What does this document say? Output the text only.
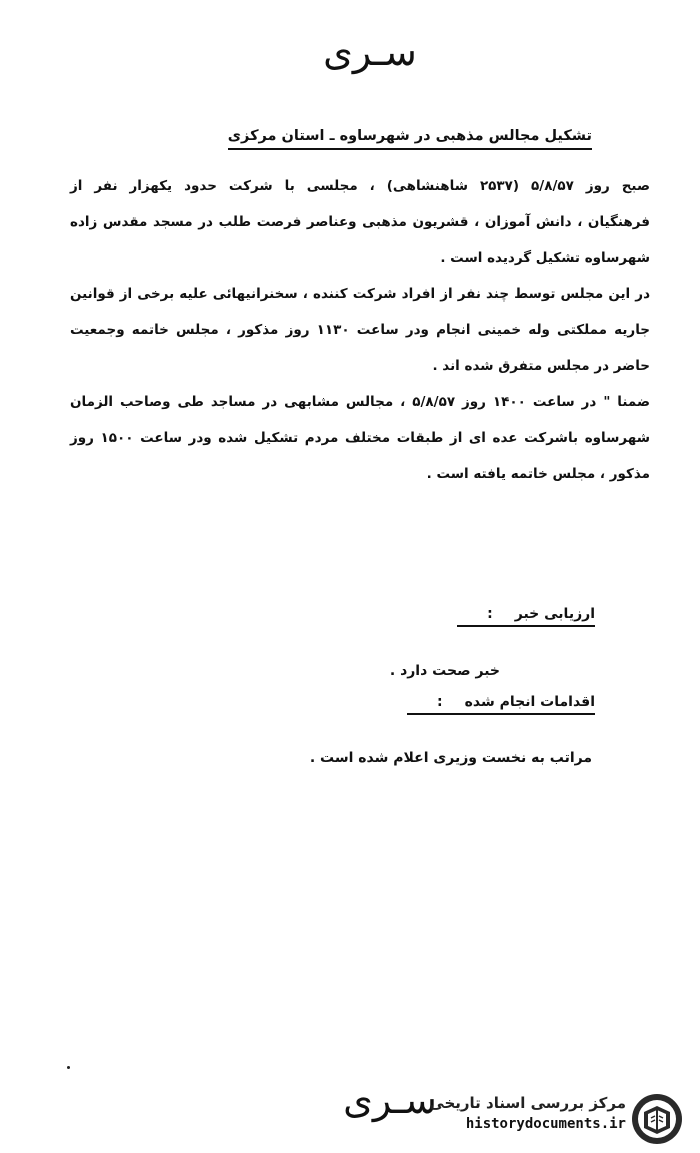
سـری
تشکیل مجالس مذهبی در شهرساوه ـ استان مرکزی
صبح روز ۵/۸/۵۷ (۲۵۳۷ شاهنشاهی) ، مجلسی با شرکت حدود یکهزار نفر از
فرهنگیان ، دانش آموزان ، قشریون مذهبی وعناصر فرصت طلب در مسجد مقدس زاده
شهرساوه تشکیل گردیده است .
در این مجلس توسط چند نفر از افراد شرکت کننده ، سخنرانیهائی علیه برخی از قوانین
جاریه مملکتی وله خمینی انجام ودر ساعت ۱۱۳۰ روز مذکور ، مجلس خاتمه وجمعیت
حاضر در مجلس متفرق شده اند .
ضمنا " در ساعت ۱۴۰۰ روز ۵/۸/۵۷ ، مجالس مشابهی در مساجد طی وصاحب الزمان
شهرساوه باشرکت عده ای از طبقات مختلف مردم تشکیل شده ودر ساعت ۱۵۰۰ روز
مذکور ، مجلس خاتمه یافته است .
ارزیابی خبر:
خبر صحت دارد .
اقدامات انجام شده:
مراتب به نخست وزیری اعلام شده است .
سـری
مرکز بررسی اسناد تاریخی
historydocuments.ir
